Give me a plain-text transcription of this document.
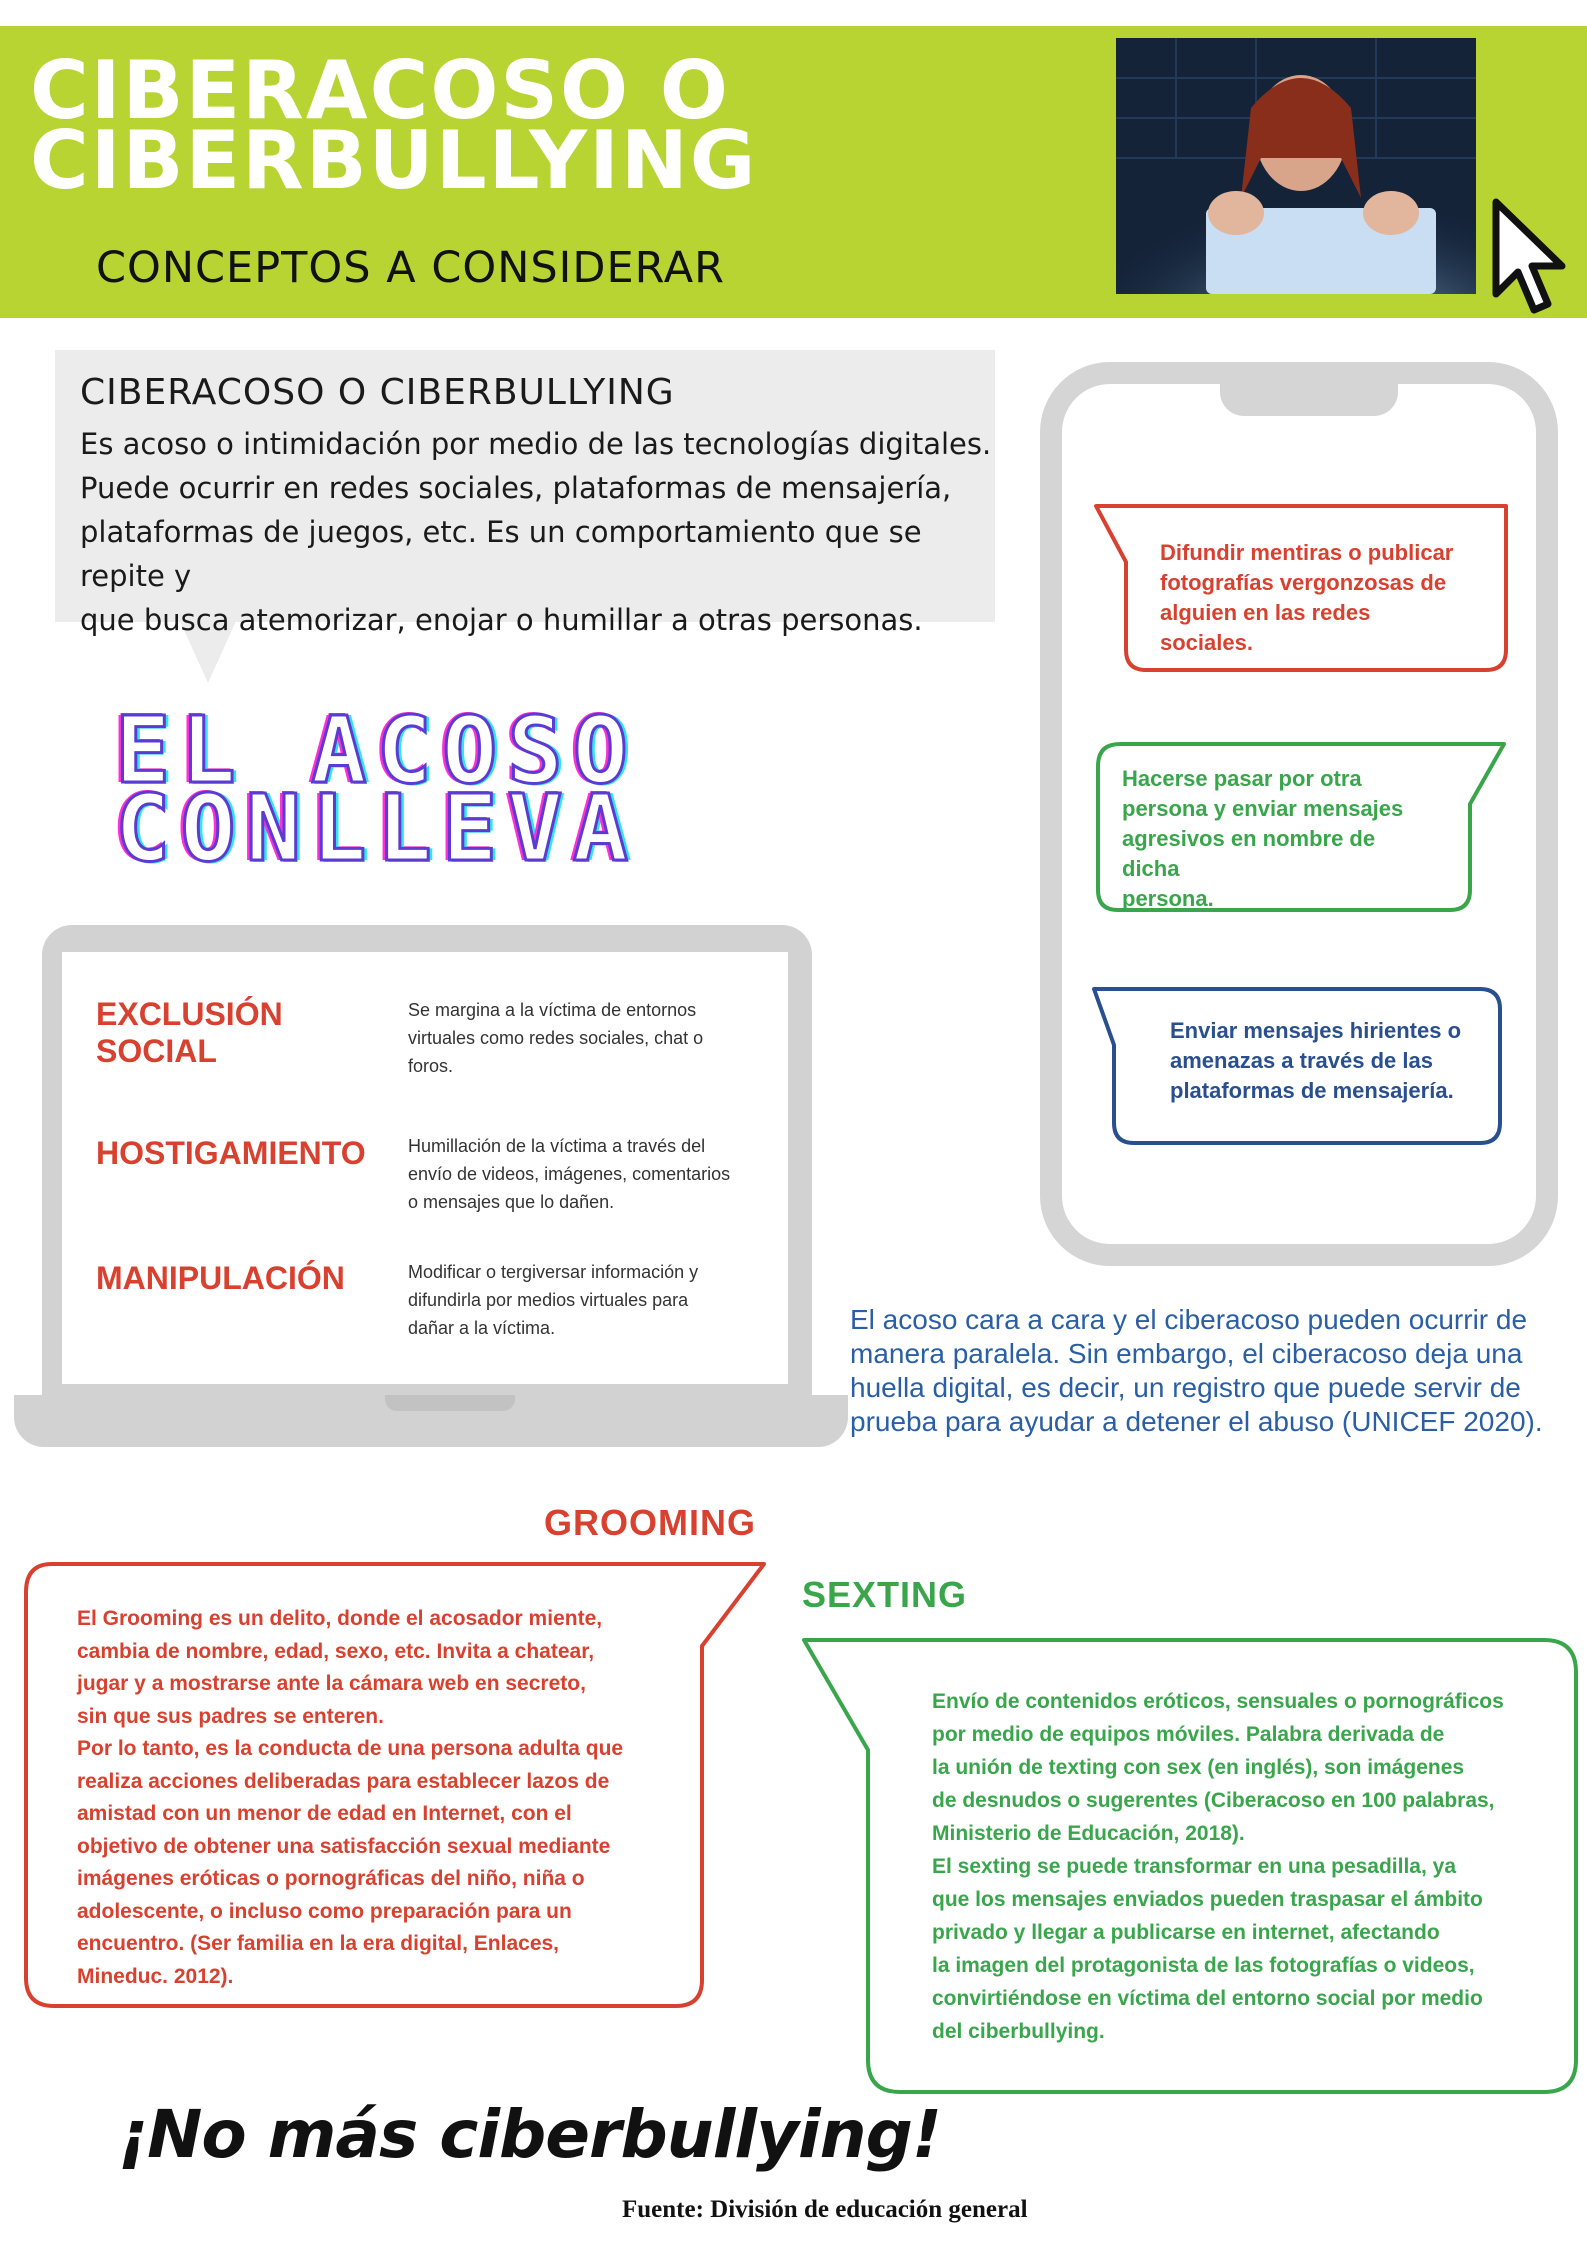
CIBERACOSO O
CIBERBULLYING
CONCEPTOS A CONSIDERAR
CIBERACOSO O CIBERBULLYING
Es acoso o intimidación por medio de las tecnologías digitales.
Puede ocurrir en redes sociales, plataformas de mensajería,
plataformas de juegos, etc. Es un comportamiento que se repite y
que busca atemorizar, enojar o humillar a otras personas.
EL ACOSO
CONLLEVA
EXCLUSIÓN
SOCIAL
Se margina a la víctima de entornos
virtuales como redes sociales, chat o
foros.
HOSTIGAMIENTO Humillación de la víctima a través del
envío de videos, imágenes, comentarios
o mensajes que lo dañen.
MANIPULACIÓN	Modificar o tergiversar información y
difundirla por medios virtuales para
dañar a la víctima.
Difundir mentiras o publicar
fotografías vergonzosas de
alguien en las redes sociales.
Hacerse pasar por otra
persona y enviar mensajes
agresivos en nombre de dicha
persona.
Enviar mensajes hirientes o
amenazas a través de las
plataformas de mensajería.
El acoso cara a cara y el ciberacoso pueden ocurrir de
manera paralela. Sin embargo, el ciberacoso deja una
huella digital, es decir, un registro que puede servir de
prueba para ayudar a detener el abuso (UNICEF 2020).
GROOMING
El Grooming es un delito, donde el acosador miente,
cambia de nombre, edad, sexo, etc. Invita a chatear,
jugar y a mostrarse ante la cámara web en secreto,
sin que sus padres se enteren.
Por lo tanto, es la conducta de una persona adulta que
realiza acciones deliberadas para establecer lazos de
amistad con un menor de edad en Internet, con el
objetivo de obtener una satisfacción sexual mediante
imágenes eróticas o pornográficas del niño, niña o
adolescente, o incluso como preparación para un
encuentro. (Ser familia en la era digital, Enlaces,
Mineduc. 2012).
SEXTING
Envío de contenidos eróticos, sensuales o pornográficos
por medio de equipos móviles. Palabra derivada de
la unión de texting con sex (en inglés), son imágenes
de desnudos o sugerentes (Ciberacoso en 100 palabras,
Ministerio de Educación, 2018).
El sexting se puede transformar en una pesadilla, ya
que los mensajes enviados pueden traspasar el ámbito
privado y llegar a publicarse en internet, afectando
la imagen del protagonista de las fotografías o videos,
convirtiéndose en víctima del entorno social por medio
del ciberbullying.
¡No más ciberbullying!
Fuente: División de educación general
